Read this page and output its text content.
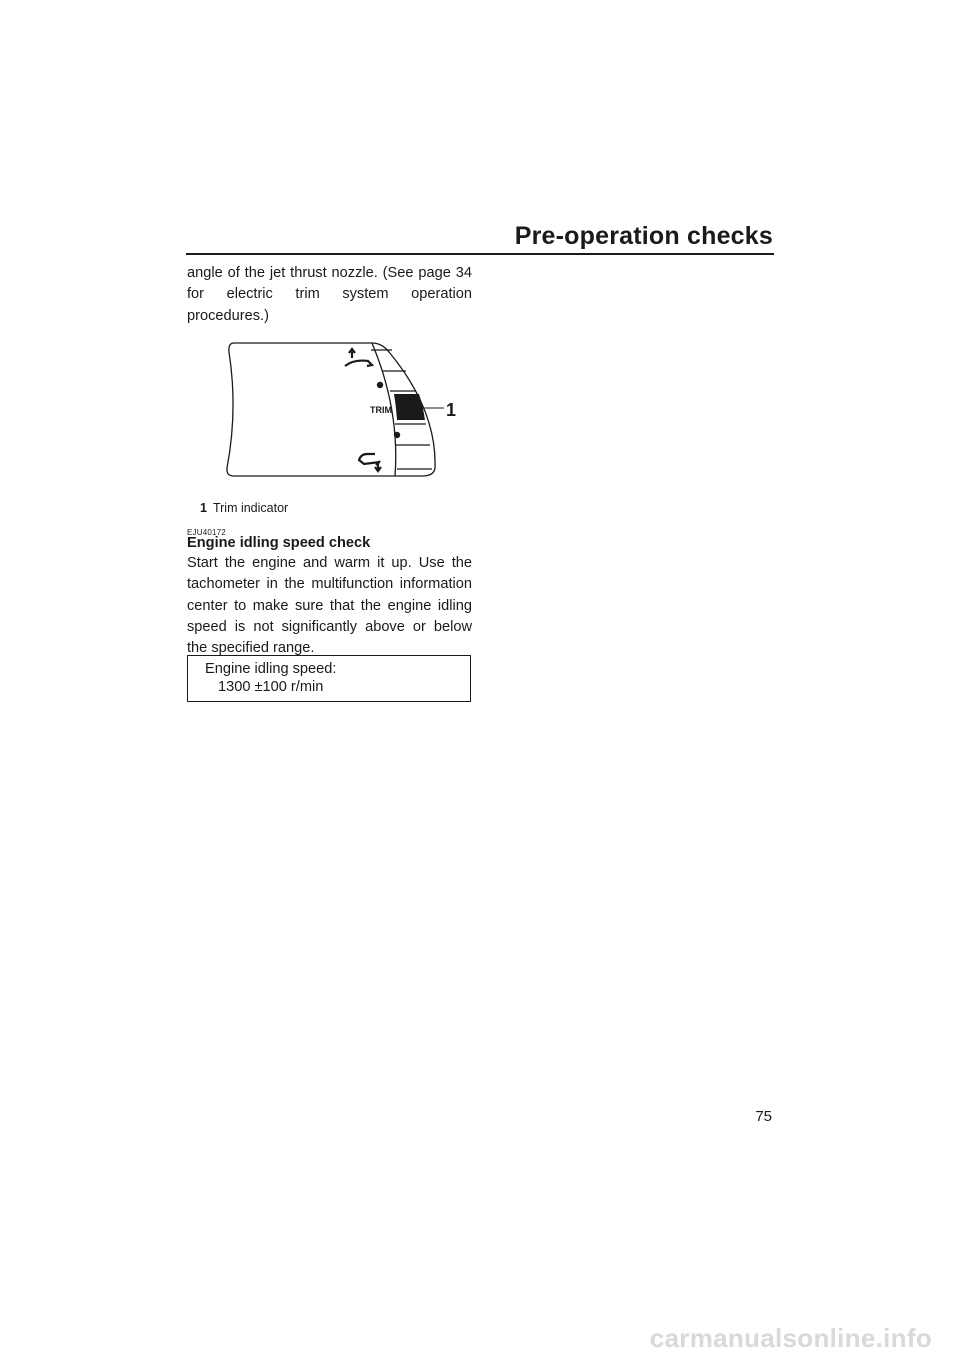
Pre-operation checks
angle of the jet thrust nozzle. (See page 34 for electric trim system operation procedures.)
1
TRIM
1 Trim indicator
EJU40172
Engine idling speed check
Start the engine and warm it up. Use the tachometer in the multifunction information center to make sure that the engine idling speed is not significantly above or below the specified range.
Engine idling speed:
1300 ±100 r/min
75
carmanualsonline.info
